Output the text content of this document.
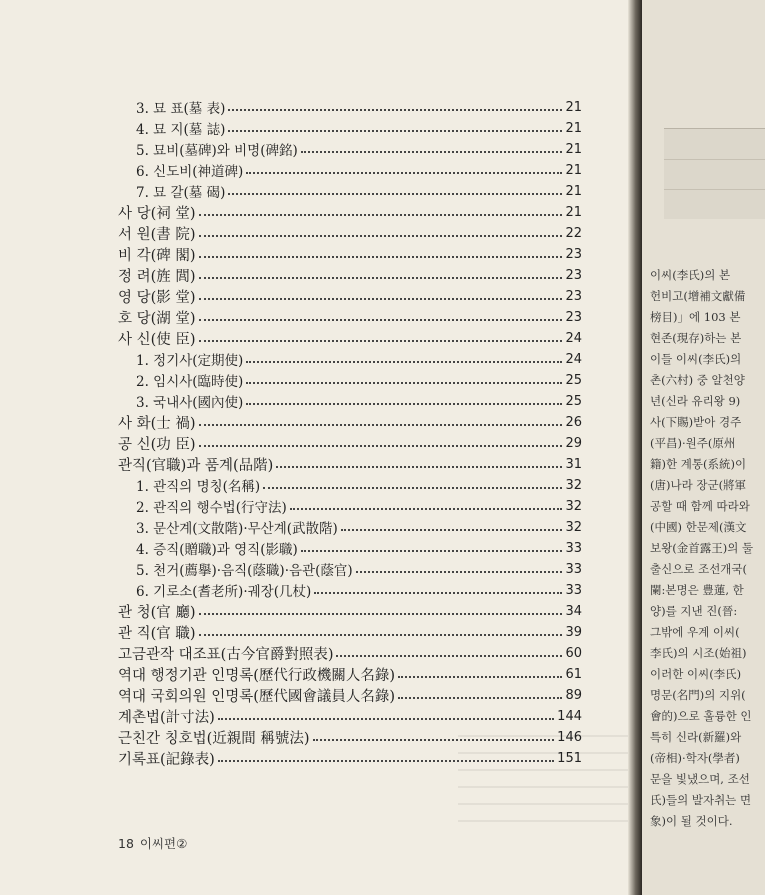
3. 묘 표(墓 表)	21
4. 묘 지(墓 誌)	21
5. 묘비(墓碑)와 비명(碑銘)	21
6. 신도비(神道碑)	21
7. 묘 갈(墓 碣)	21
사 당(祠 堂)	21
서 원(書 院)	22
비 각(碑 閣)	23
정 려(旌 閭)	23
영 당(影 堂)	23
호 당(湖 堂)	23
사 신(使 臣)	24
1. 정기사(定期使)	24
2. 임시사(臨時使)	25
3. 국내사(國內使)	25
사 화(士 禍)	26
공 신(功 臣)	29
관직(官職)과 품계(品階)	31
1. 관직의 명칭(名稱)	32
2. 관직의 행수법(行守法)	32
3. 문산계(文散階)·무산계(武散階)	32
4. 증직(贈職)과 영직(影職)	33
5. 천거(薦擧)·음직(蔭職)·음관(蔭官)	33
6. 기로소(耆老所)·궤장(几杖)	33
관 청(官 廳)	34
관 직(官 職)	39
고금관작 대조표(古今官爵對照表)	60
역대 행정기관 인명록(歷代行政機關人名錄)	61
역대 국회의원 인명록(歷代國會議員人名錄)	89
계촌법(計寸法)	144
근친간 칭호법(近親間 稱號法)	146
기록표(記錄表)	151
18 이씨편②
이씨(李氏)의 본
헌비고(增補文獻備
榜目)」에 103 본
현존(現存)하는 본
이들 이씨(李氏)의
촌(六村) 중 알천양
년(신라 유리왕 9)
사(下賜)받아 경주
(平昌)·원주(原州
籍)한 계통(系統)이
(唐)나라 장군(將軍
공할 때 함께 따라와
(中國) 한문제(漢文
보왕(金首露王)의 둘
출신으로 조선개국(
闌:본명은 豊蓮, 한
양)를 지낸 진(晉:
그밖에 우계 이씨(
李氏)의 시조(始祖)
이러한 이씨(李氏)
명문(名門)의 지위(
會的)으로 훌륭한 인
특히 신라(新羅)와
(帝相)·학자(學者)
문을 빛냈으며, 조선
氏)들의 발자취는 면
象)이 될 것이다.
